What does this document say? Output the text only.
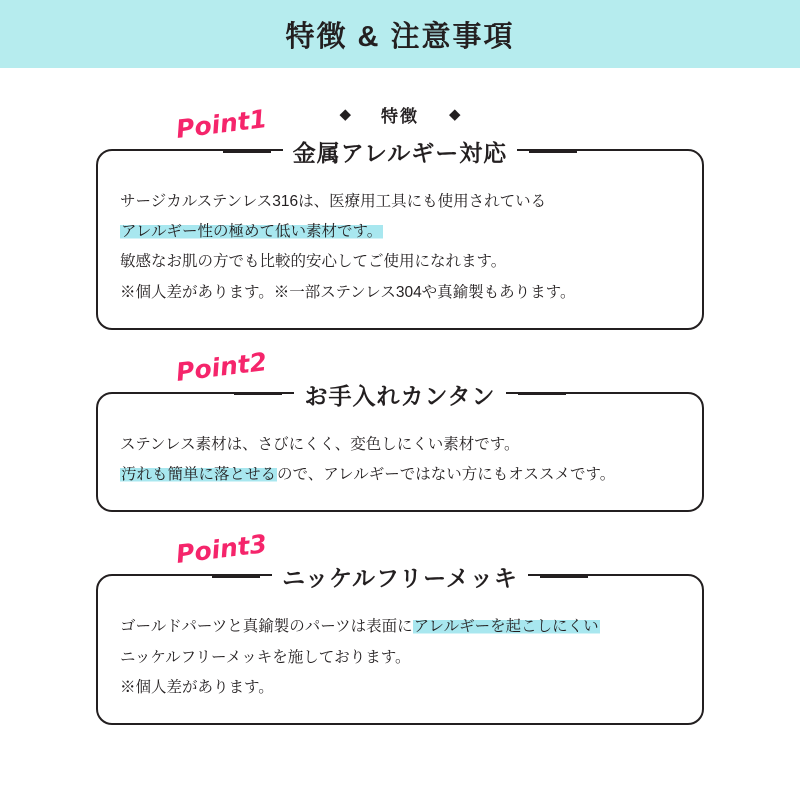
特徴 & 注意事項
◆ 特徴 ◆
Point1
金属アレルギー対応
サージカルステンレス316は、医療用工具にも使用されている
アレルギー性の極めて低い素材です。
敏感なお肌の方でも比較的安心してご使用になれます。
※個人差があります。※一部ステンレス304や真鍮製もあります。
Point2
お手入れカンタン
ステンレス素材は、さびにくく、変色しにくい素材です。
汚れも簡単に落とせるので、アレルギーではない方にもオススメです。
Point3
ニッケルフリーメッキ
ゴールドパーツと真鍮製のパーツは表面にアレルギーを起こしにくい
ニッケルフリーメッキを施しております。
※個人差があります。
